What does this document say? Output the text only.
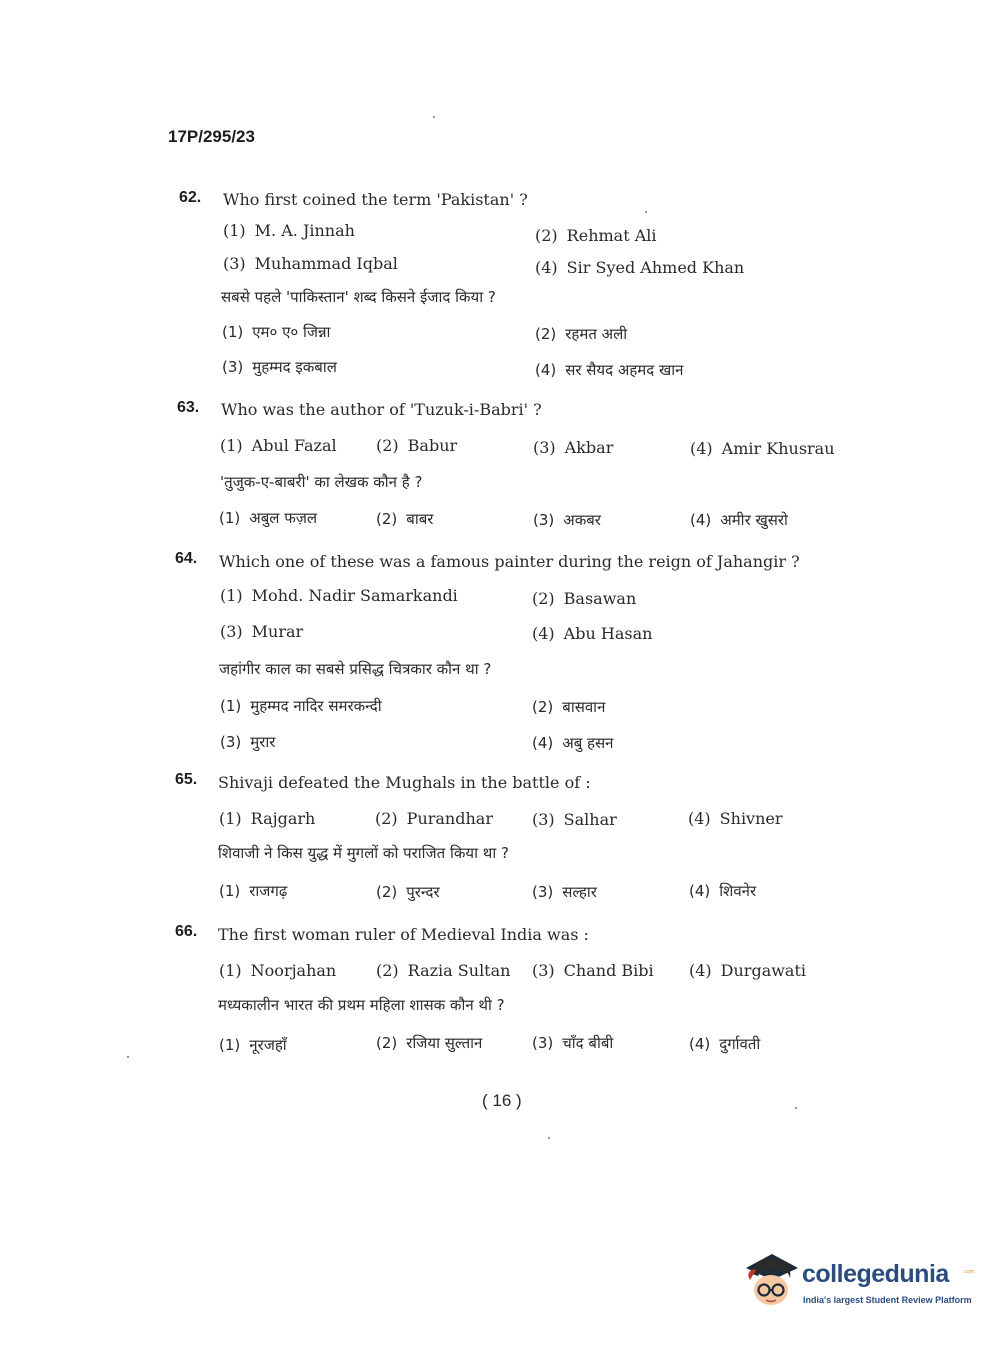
17P/295/23
62. Who first coined the term 'Pakistan' ?
(1) M. A. Jinnah	(2) Rehmat Ali
(3) Muhammad Iqbal	(4) Sir Syed Ahmed Khan
सबसे पहले 'पाकिस्तान' शब्द किसने ईजाद किया ?
(1) एम० ए० जिन्ना	(2) रहमत अली
(3) मुहम्मद इकबाल	(4) सर सैयद अहमद खान
63. Who was the author of 'Tuzuk-i-Babri' ?
(1) Abul Fazal (2) Babur	(3) Akbar	(4) Amir Khusrau
'तुजुक-ए-बाबरी' का लेखक कौन है ?
(1) अबुल फज़ल	(2) बाबर	(3) अकबर	(4) अमीर खुसरो
64. Which one of these was a famous painter during the reign of Jahangir ?
(1) Mohd. Nadir Samarkandi	(2) Basawan
(3) Murar	(4) Abu Hasan
जहांगीर काल का सबसे प्रसिद्ध चित्रकार कौन था ?
(1) मुहम्मद नादिर समरकन्दी	(2) बासवान
(3) मुरार	(4) अबु हसन
65. Shivaji defeated the Mughals in the battle of :
(1) Rajgarh	(2) Purandhar (3) Salhar	(4) Shivner
शिवाजी ने किस युद्ध में मुगलों को पराजित किया था ?
(1) राजगढ़	(2) पुरन्दर	(3) सल्हार	(4) शिवनेर
66. The first woman ruler of Medieval India was :
(1) Noorjahan (2) Razia Sultan (3) Chand Bibi (4) Durgawati
मध्यकालीन भारत की प्रथम महिला शासक कौन थी ?
(1) नूरजहाँ	(2) रजिया सुल्तान	(3) चाँद बीबी	(4) दुर्गावती
( 16 )
collegedunia	.com
India's largest Student Review Platform
